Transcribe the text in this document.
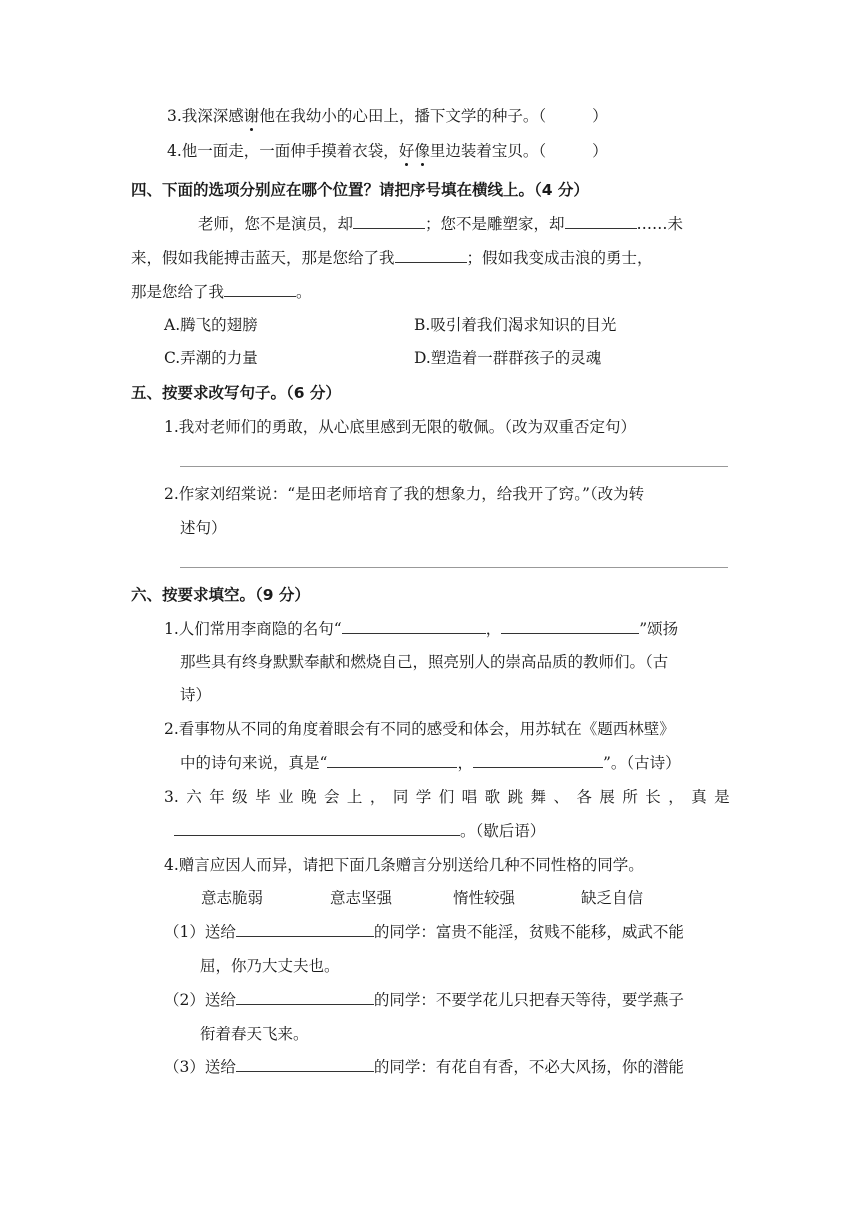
3.我深深感谢他在我幼小的心田上，播下文学的种子。（	）
4.他一面走，一面伸手摸着衣袋，好像里边装着宝贝。（	）
四、下面的选项分别应在哪个位置？请把序号填在横线上。（4 分）
老师，您不是演员，却	；您不是雕塑家，却	……未
来，假如我能搏击蓝天，那是您给了我	；假如我变成击浪的勇士，
那是您给了我	。
A.腾飞的翅膀	B.吸引着我们渴求知识的目光
C.弄潮的力量	D.塑造着一群群孩子的灵魂
五、按要求改写句子。（6 分）
1.我对老师们的勇敢，从心底里感到无限的敬佩。（改为双重否定句）
2.作家刘绍棠说：“是田老师培育了我的想象力，给我开了窍。”（改为转
述句）
六、按要求填空。（9 分）
1.人们常用李商隐的名句“	，	”颂扬
那些具有终身默默奉献和燃烧自己，照亮别人的崇高品质的教师们。（古
诗）
2.看事物从不同的角度着眼会有不同的感受和体会，用苏轼在《题西林壁》
中的诗句来说，真是“	，	”。（古诗）
3. 六 年 级 毕 业 晚 会 上 ， 同 学 们 唱 歌 跳 舞 、 各 展 所 长 ， 真 是
。（歇后语）
4.赠言应因人而异，请把下面几条赠言分别送给几种不同性格的同学。
意志脆弱	意志坚强	惰性较强	缺乏自信
（1）送给	的同学：富贵不能淫，贫贱不能移，威武不能
屈，你乃大丈夫也。
（2）送给	的同学：不要学花儿只把春天等待，要学燕子
衔着春天飞来。
（3）送给	的同学：有花自有香，不必大风扬，你的潜能
